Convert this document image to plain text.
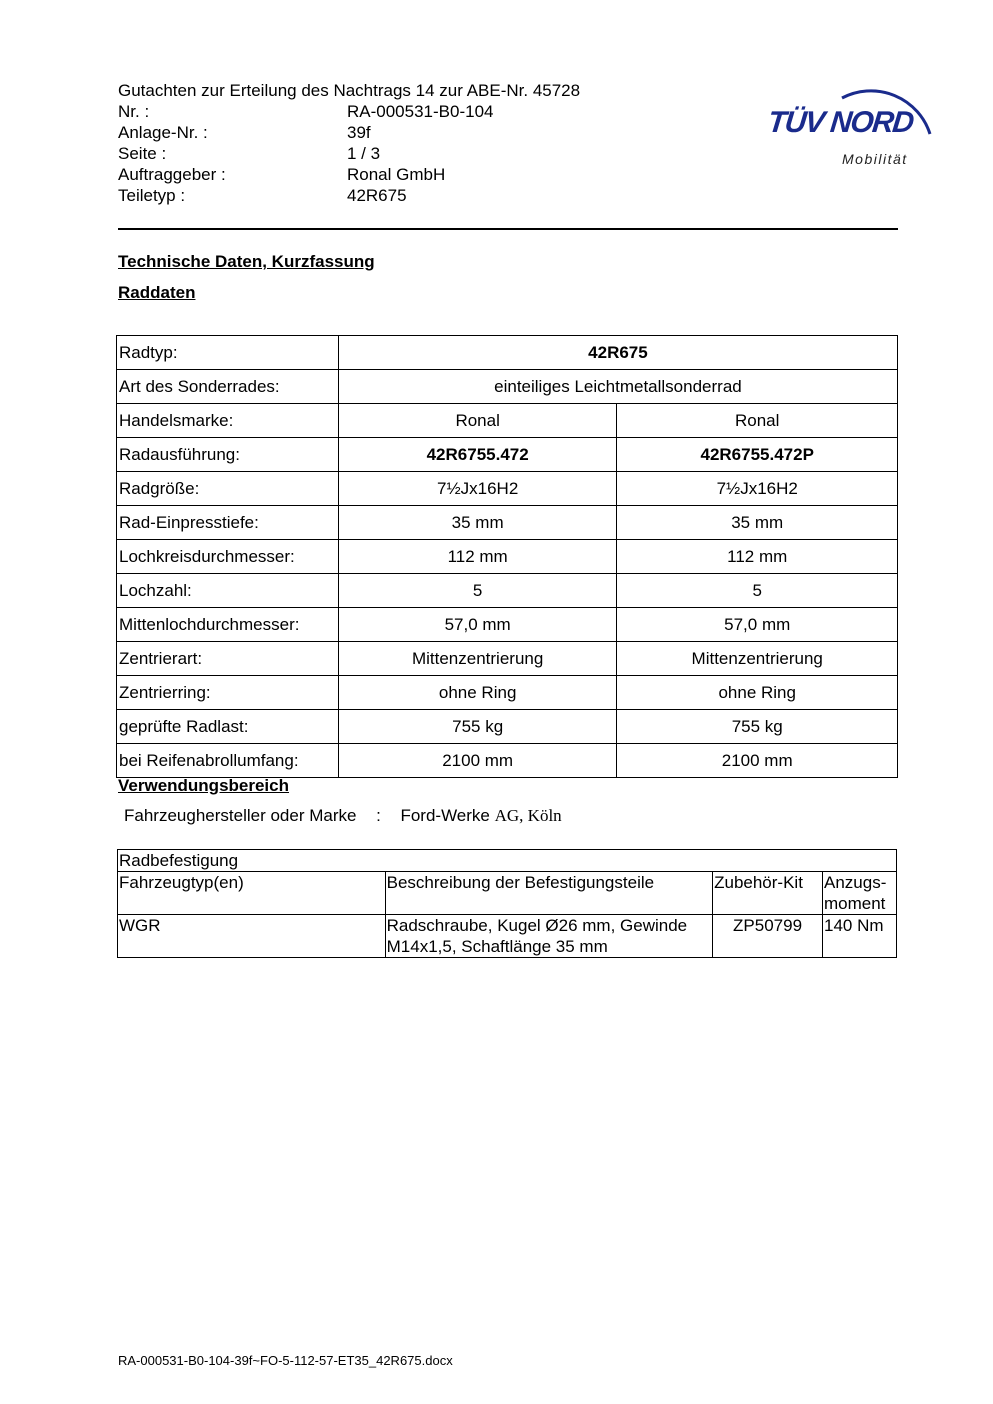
Gutachten zur Erteilung des Nachtrags 14 zur ABE-Nr. 45728
Nr. :	RA-000531-B0-104
Anlage-Nr. :	39f
Seite :	1 / 3
Auftraggeber :	Ronal GmbH
Teiletyp :	42R675
TÜV NORD
Mobilität
Technische Daten, Kurzfassung
Raddaten
Radtyp:	42R675	
Art des Sonderrades:	einteiliges Leichtmetallsonderrad	
Handelsmarke:	Ronal	Ronal
Radausführung:	42R6755.472	42R6755.472P
Radgröße:	7½Jx16H2	7½Jx16H2
Rad-Einpresstiefe:	35 mm	35 mm
Lochkreisdurchmesser:	112 mm	112 mm
Lochzahl:	5	5
Mittenlochdurchmesser:	57,0 mm	57,0 mm
Zentrierart:	Mittenzentrierung	Mittenzentrierung
Zentrierring:	ohne Ring	ohne Ring
geprüfte Radlast:	755 kg	755 kg
bei Reifenabrollumfang:	2100 mm	2100 mm
Verwendungsbereich
Fahrzeughersteller oder Marke : Ford-Werke AG, Köln
Radbefestigung			
Fahrzeugtyp(en)	Beschreibung der Befestigungsteile	Zubehör-Kit	Anzugs-moment
WGR	Radschraube, Kugel Ø26 mm, Gewinde M14x1,5, Schaftlänge 35 mm	ZP50799	140 Nm
RA-000531-B0-104-39f~FO-5-112-57-ET35_42R675.docx
